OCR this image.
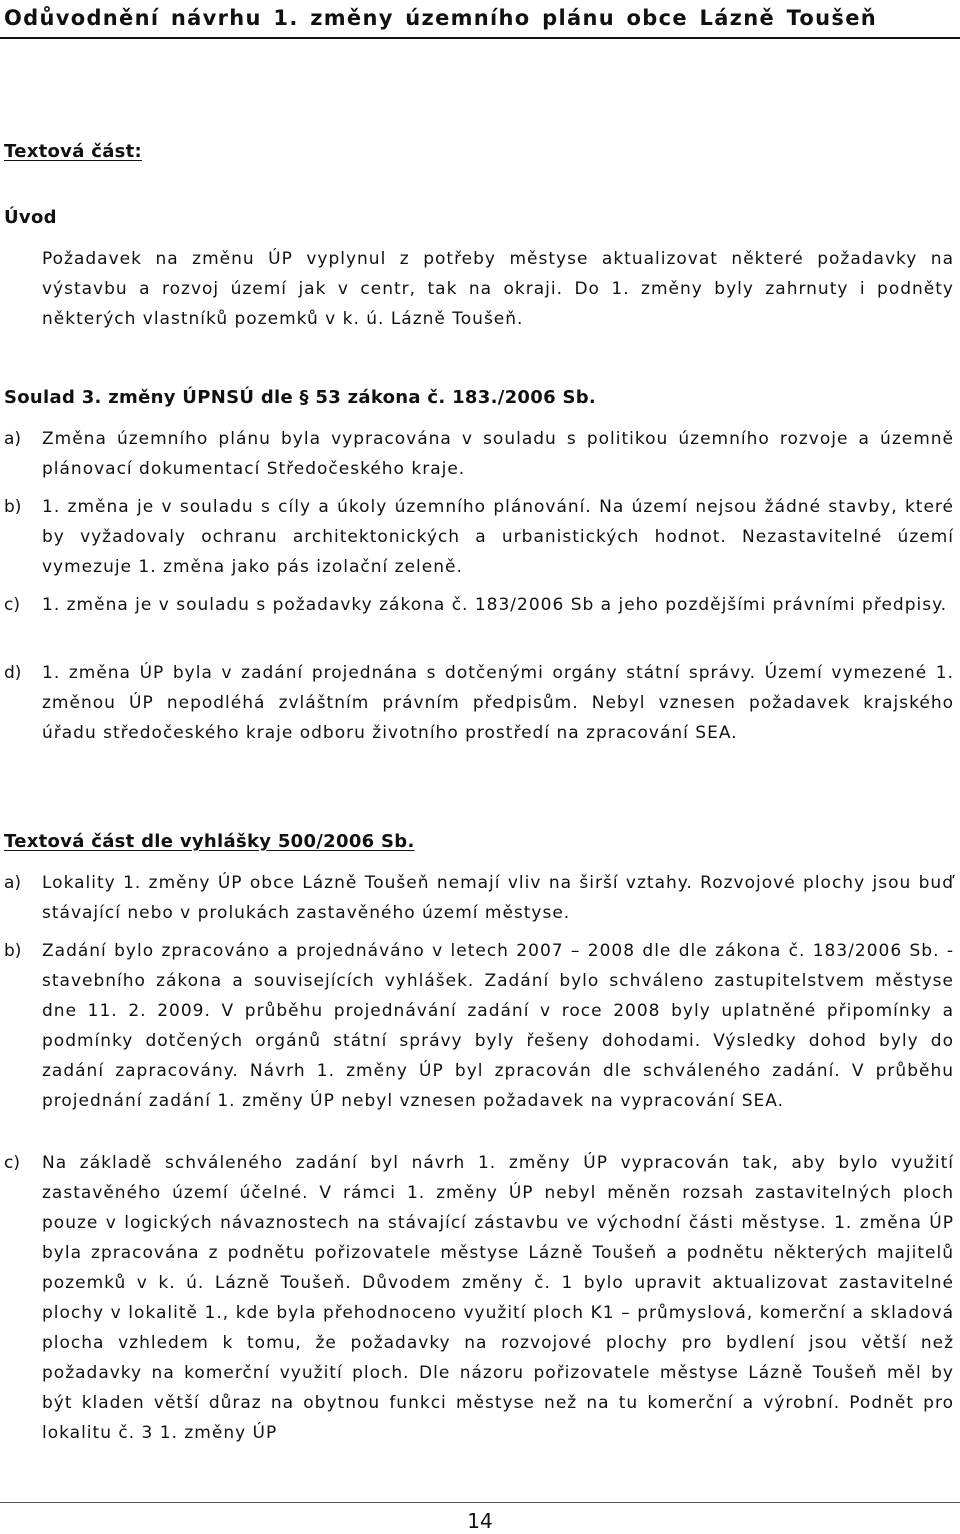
Odůvodnění návrhu 1. změny územního plánu obce Lázně Toušeň
Textová část:
Úvod

Požadavek na změnu ÚP vyplynul z potřeby městyse aktualizovat některé požadavky na výstavbu a rozvoj území jak v centr, tak na okraji. Do 1. změny byly zahrnuty i podněty některých vlastníků pozemků v k. ú. Lázně Toušeň.

Soulad 3. změny ÚPNSÚ dle § 53 zákona č. 183./2006 Sb.
a) Změna územního plánu byla vypracována v souladu s politikou územního rozvoje a územně plánovací dokumentací Středočeského kraje.
b) 1. změna je v souladu s cíly a úkoly územního plánování. Na území nejsou žádné stavby, které by vyžadovaly ochranu architektonických a urbanistických hodnot. Nezastavitelné území vymezuje 1. změna jako pás izolační zeleně.
c) 1. změna je v souladu s požadavky zákona č. 183/2006 Sb a jeho pozdějšími právními předpisy.
d) 1. změna ÚP byla v zadání projednána s dotčenými orgány státní správy. Území vymezené 1. změnou ÚP nepodléhá zvláštním právním předpisům. Nebyl vznesen požadavek krajského úřadu středočeského kraje odboru životního prostředí na zpracování SEA.
Textová část dle vyhlášky 500/2006 Sb.
a) Lokality 1. změny ÚP obce Lázně Toušeň nemají vliv na širší vztahy. Rozvojové plochy jsou buď stávající nebo v prolukách zastavěného území městyse.
b) Zadání bylo zpracováno a projednáváno v letech 2007 – 2008 dle dle zákona č. 183/2006 Sb. - stavebního zákona a souvisejících vyhlášek. Zadání bylo schváleno zastupitelstvem městyse dne 11. 2. 2009. V průběhu projednávání zadání v roce 2008 byly uplatněné připomínky a podmínky dotčených orgánů státní správy byly řešeny dohodami. Výsledky dohod byly do zadání zapracovány. Návrh 1. změny ÚP byl zpracován dle schváleného zadání. V průběhu projednání zadání 1. změny ÚP nebyl vznesen požadavek na vypracování SEA.
c) Na základě schváleného zadání byl návrh 1. změny ÚP vypracován tak, aby bylo využití zastavěného území účelné. V rámci 1. změny ÚP nebyl měněn rozsah zastavitelných ploch pouze v logických návaznostech na stávající zástavbu ve východní části městyse. 1. změna ÚP byla zpracována z podnětu pořizovatele městyse Lázně Toušeň a podnětu některých majitelů pozemků v k. ú. Lázně Toušeň. Důvodem změny č. 1 bylo upravit aktualizovat zastavitelné plochy v lokalitě 1., kde byla přehodnoceno využití ploch K1 – průmyslová, komerční a skladová plocha vzhledem k tomu, že požadavky na rozvojové plochy pro bydlení jsou větší než požadavky na komerční využití ploch. Dle názoru pořizovatele městyse Lázně Toušeň měl by být kladen větší důraz na obytnou funkci městyse než na tu komerční a výrobní. Podnět pro lokalitu č. 3 1. změny ÚP
14
